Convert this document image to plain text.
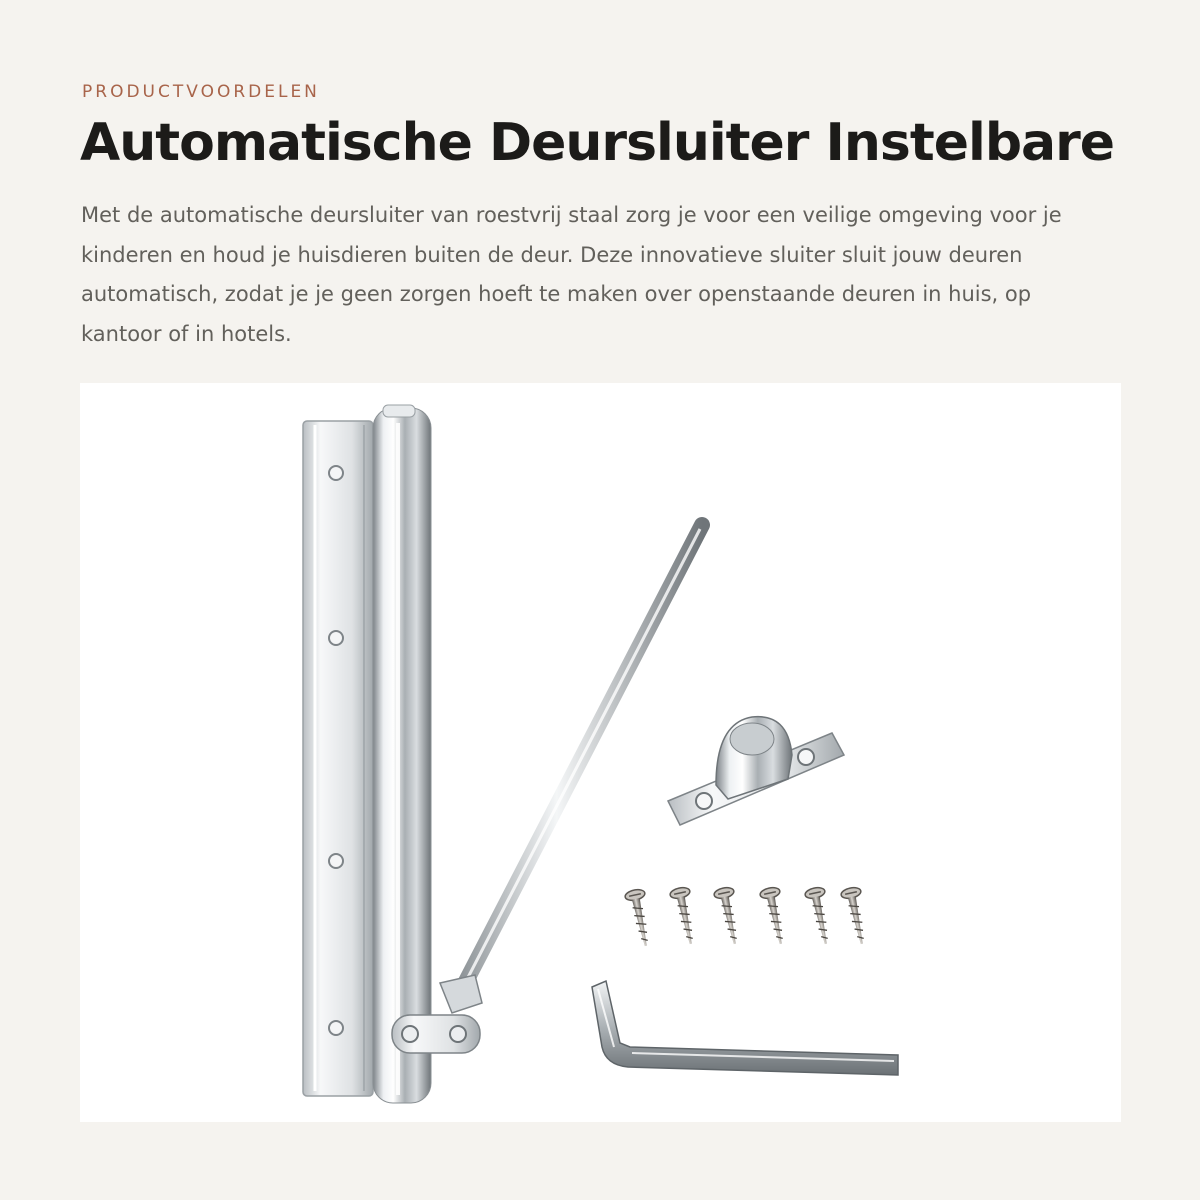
PRODUCTVOORDELEN
Automatische Deursluiter Instelbare

Met de automatische deursluiter van roestvrij staal zorg je voor een veilige omgeving voor je kinderen en houd je huisdieren buiten de deur. Deze innovatieve sluiter sluit jouw deuren automatisch, zodat je je geen zorgen hoeft te maken over openstaande deuren in huis, op kantoor of in hotels.
